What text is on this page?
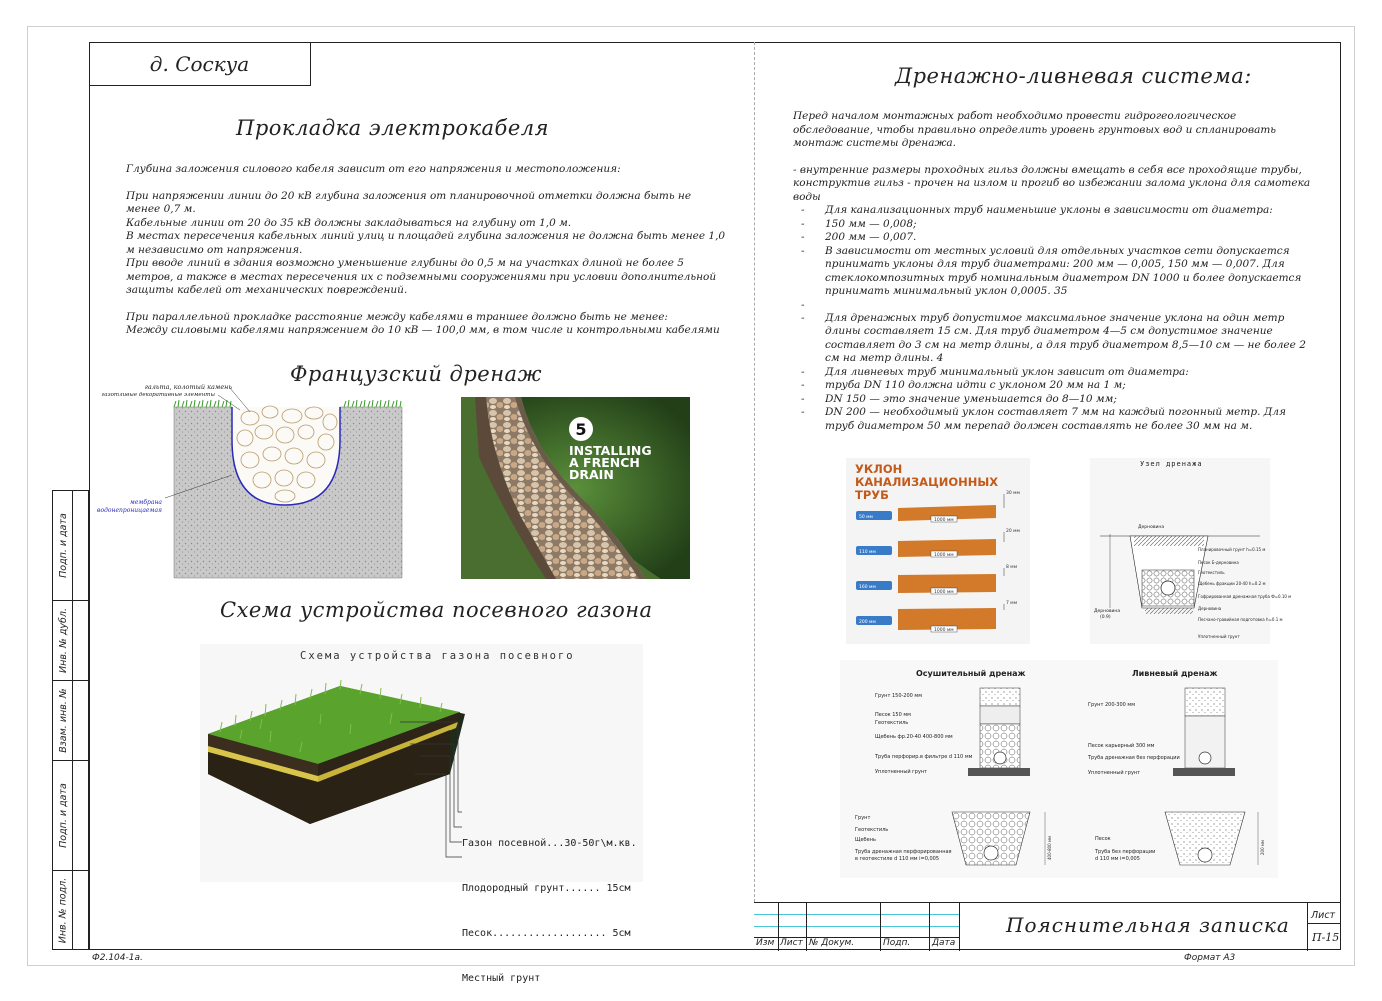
д. Соскуа
Прокладка электрокабеля
Глубина заложения силового кабеля зависит от его напряжения и местоположения:
При напряжении линии до 20 кВ глубина заложения от планировочной отметки должна быть не менее 0,7 м.
Кабельные линии от 20 до 35 кВ должны закладываться на глубину от 1,0 м.
В местах пересечения кабельных линий улиц и площадей глубина заложения не должна быть менее 1,0 м независимо от напряжения.
При вводе линий в здания возможно уменьшение глубины до 0,5 м на участках длиной не более 5 метров, а также в местах пересечения их с подземными сооружениями при условии дополнительной защиты кабелей от механических повреждений.
При параллельной прокладке расстояние между кабелями в траншее должно быть не менее:
Между силовыми кабелями напряжением до 10 кВ — 100,0 мм, в том числе и контрольными кабелями
Французский дренаж
гальта, колотый камень
газотливые декоративные элементы
мембрана
водонепроницаемая
5
INSTALLING
A FRENCH
DRAIN
Схема устройства посевного газона
Схема устройства газона посевного

Газон посевной...30-50г\м.кв.

Плодородный грунт...... 15см

Песок................... 5см

Местный грунт

Дренажно-ливневая система:
Перед началом монтажных работ необходимо провести гидрогеологическое обследование, чтобы правильно определить уровень грунтовых вод и спланировать монтаж системы дренажа.
- внутренние размеры проходных гильз должны вмещать в себя все проходящие трубы, конструктив гильз - прочен на излом и прогиб во избежании залома уклона для самотека воды
- Для канализационных труб наименьшие уклоны в зависимости от диаметра:
- 150 мм — 0,008;
- 200 мм — 0,007.
- В зависимости от местных условий для отдельных участков сети допускается принимать уклоны для труб диаметрами: 200 мм — 0,005, 150 мм — 0,007. Для стеклокомпозитных труб номинальным диаметром DN 1000 и более допускается принимать минимальный уклон 0,0005. 35
-
- Для дренажных труб допустимое максимальное значение уклона на один метр длины составляет 15 см. Для труб диаметром 4—5 см допустимое значение составляет до 3 см на метр длины, а для труб диаметром 8,5—10 см — не более 2 см на метр длины. 4
- Для ливневых труб минимальный уклон зависит от диаметра:
- труба DN 110 должна идти с уклоном 20 мм на 1 м;
- DN 150 — это значение уменьшается до 8—10 мм;
- DN 200 — необходимый уклон составляет 7 мм на каждый погонный метр. Для труб диаметром 50 мм перепад должен составлять не более 30 мм на м.
УКЛОН
КАНАЛИЗАЦИОННЫХ
ТРУБ
50 мм
1000 мм
30 мм
110 мм
1000 мм
20 мм
160 мм
1000 мм
8 мм
200 мм
1000 мм
7 мм
Узел дренажа
Дерновина
Дерновина
(0.9)
Планировочный грунт h=0.15 м
Песок Б-дерновина
Геотекстиль
Щебень фракции 20-40 h=0.2 м
Гофрированная дренажная труба Ф=0.10 м
Дерновина
Песчано-гравийная подготовка h=0.1 м
Уплотненный грунт
Осушительный дренаж	Ливневый дренаж
Грунт 150-200 мм
Песок 150 мм
Геотекстиль
Щебень фр.20-40 400-800 мм
Труба перфорир.в фильтре d 110 мм
Уплотненный грунт
Грунт 200-300 мм
Песок карьерный 300 мм
Труба дренажная без перфорации
Уплотненный грунт
Грунт
Геотекстиль
Щебень
Труба дренажная перфорированная
в геотекстиле d 110 мм i=0,005
Песок
Труба без перфорации
d 110 мм i=0,005
400-800 мм	200 мм
Подп. и дата
Инв. № дубл.
Взам. инв. №
Подп. и дата
Инв. № подл.
Изм Лист № Докум.	Подп. Дата
Пояснительная записка Лист
П-15
Ф2.104-1а.	Формат А3
